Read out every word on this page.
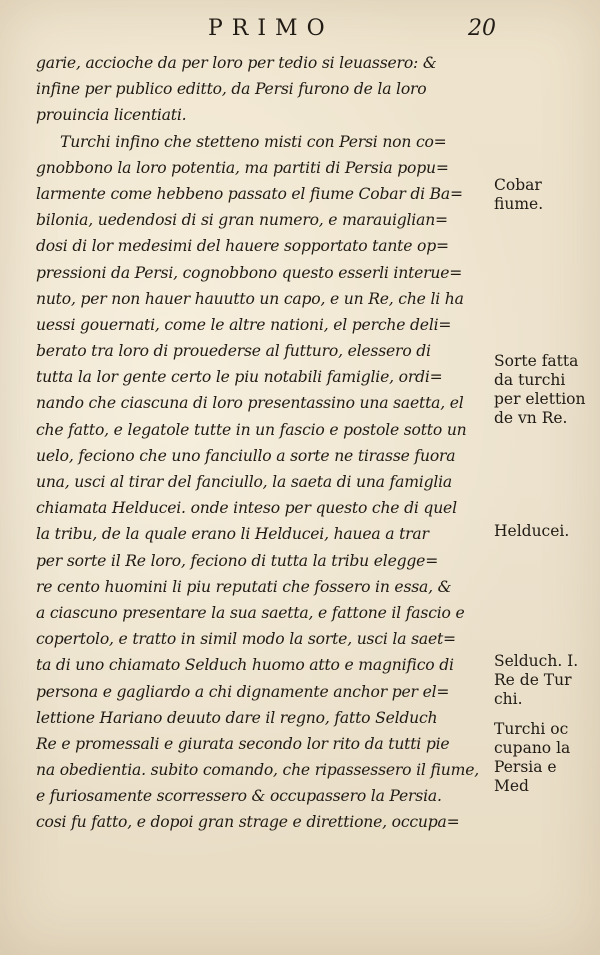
PRIMO	20
garie, accioche da per loro per tedio si leuassero: &
infine per publico editto, da Persi furono de la loro
prouincia licentiati.
Turchi infino che stetteno misti con Persi non co=
gnobbono la loro potentia, ma partiti di Persia popu=
larmente come hebbeno passato el fiume Cobar di Ba=
bilonia, uedendosi di si gran numero, e marauiglian=
dosi di lor medesimi del hauere sopportato tante op=
pressioni da Persi, cognobbono questo esserli interue=
nuto, per non hauer hauutto un capo, e un Re, che li ha
uessi gouernati, come le altre nationi, el perche deli=
berato tra loro di prouederse al futturo, elessero di
tutta la lor gente certo le piu notabili famiglie, ordi=
nando che ciascuna di loro presentassino una saetta, el
che fatto, e legatole tutte in un fascio e postole sotto un
uelo, feciono che uno fanciullo a sorte ne tirasse fuora
una, usci al tirar del fanciullo, la saeta di una famiglia
chiamata Helducei. onde inteso per questo che di quel
la tribu, de la quale erano li Helducei, hauea a trar
per sorte il Re loro, feciono di tutta la tribu elegge=
re cento huomini li piu reputati che fossero in essa, &
a ciascuno presentare la sua saetta, e fattone il fascio e
copertolo, e tratto in simil modo la sorte, usci la saet=
ta di uno chiamato Selduch huomo atto e magnifico di
persona e gagliardo a chi dignamente anchor per el=
lettione Hariano deuuto dare il regno, fatto Selduch
Re e promessali e giurata secondo lor rito da tutti pie
na obedientia. subito comando, che ripassessero il fiume,
e furiosamente scorressero & occupassero la Persia.
cosi fu fatto, e dopoi gran strage e direttione, occupa=
Cobar
fiume.
Sorte fatta
da turchi
per elettion
de vn Re.
Helducei.
Selduch. I.
Re de Tur
chi.
Turchi oc
cupano la
Persia e
Med
